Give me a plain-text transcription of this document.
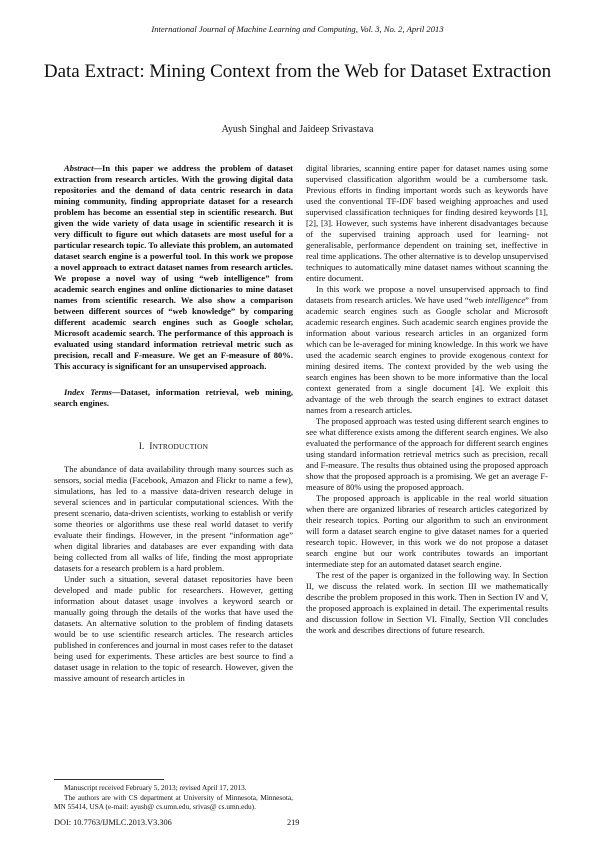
International Journal of Machine Learning and Computing, Vol. 3, No. 2, April 2013
Data Extract: Mining Context from the Web for Dataset Extraction
Ayush Singhal and Jaideep Srivastava

Abstract—In this paper we address the problem of dataset extraction from research articles. With the growing digital data repositories and the demand of data centric research in data mining community, finding appropriate dataset for a research problem has become an essential step in scientific research. But given the wide variety of data usage in scientific research it is very difficult to figure out which datasets are most useful for a particular research topic. To alleviate this problem, an automated dataset search engine is a powerful tool. In this work we propose a novel approach to extract dataset names from research articles. We propose a novel way of using “web intelligence” from academic search engines and online dictionaries to mine dataset names from scientific research. We also show a comparison between different sources of “web knowledge” by comparing different academic search engines such as Google scholar, Microsoft academic search. The performance of this approach is evaluated using standard information retrieval metric such as precision, recall and F-measure. We get an F-measure of 80%. This accuracy is significant for an unsupervised approach.

Index Terms—Dataset, information retrieval, web mining, search engines.

I. INTRODUCTION

The abundance of data availability through many sources such as sensors, social media (Facebook, Amazon and Flickr to name a few), simulations, has led to a massive data-driven research deluge in several sciences and in particular computational sciences. With the present scenario, data-driven scientists, working to establish or verify some theories or algorithms use these real world dataset to verify evaluate their findings. However, in the present “information age” when digital libraries and databases are ever expanding with data being collected from all walks of life, finding the most appropriate datasets for a research problem is a hard problem.

Under such a situation, several dataset repositories have been developed and made public for researchers. However, getting information about dataset usage involves a keyword search or manually going through the details of the works that have used the datasets. An alternative solution to the problem of finding datasets would be to use scientific research articles. The research articles published in conferences and journal in most cases refer to the dataset being used for experiments. These articles are best source to find a dataset usage in relation to the topic of research. However, given the massive amount of research articles in

digital libraries, scanning entire paper for dataset names using some supervised classification algorithm would be a cumbersome task. Previous efforts in finding important words such as keywords have used the conventional TF-IDF based weighing approaches and used supervised classification techniques for finding desired keywords [1], [2], [3]. However, such systems have inherent disadvantages because of the supervised training approach used for learning- not generalisable, performance dependent on training set, ineffective in real time applications. The other alternative is to develop unsupervised techniques to automatically mine dataset names without scanning the entire document.

In this work we propose a novel unsupervised approach to find datasets from research articles. We have used “web intelligence” from academic search engines such as Google scholar and Microsoft academic research engines. Such academic search engines provide the information about various research articles in an organized form which can be le-averaged for mining knowledge. In this work we have used the academic search engines to provide exogenous context for mining desired items. The context provided by the web using the search engines has been shown to be more informative than the local context generated from a single document [4]. We exploit this advantage of the web through the search engines to extract dataset names from a research articles.

The proposed approach was tested using different search engines to see what difference exists among the different search engines. We also evaluated the performance of the approach for different search engines using standard information retrieval metrics such as precision, recall and F-measure. The results thus obtained using the proposed approach show that the proposed approach is a promising. We get an average F-measure of 80% using the proposed approach.

The proposed approach is applicable in the real world situation when there are organized libraries of research articles categorized by their research topics. Porting our algorithm to such an environment will form a dataset search engine to give dataset names for a queried research topic. However, in this work we do not propose a dataset search engine but our work contributes towards an important intermediate step for an automated dataset search engine.

The rest of the paper is organized in the following way. In Section II, we discuss the related work. In section III we mathematically describe the problem proposed in this work. Then in Section IV and V, the proposed approach is explained in detail. The experimental results and discussion follow in Section VI. Finally, Section VII concludes the work and describes directions of future research.

Manuscript received February 5, 2013; revised April 17, 2013.

The authors are with CS department at University of Minnesota, Minnesota, MN 55414, USA (e-mail: ayush@ cs.umn.edu, srivas@ cs.umn.edu).

DOI: 10.7763/IJMLC.2013.V3.306	219
